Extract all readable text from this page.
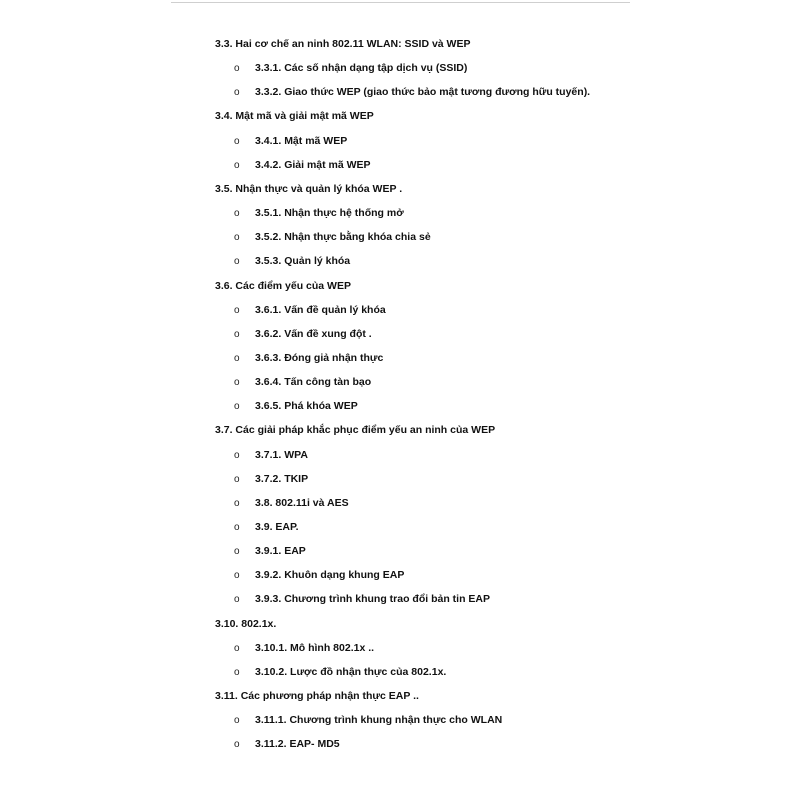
3.3. Hai cơ chế an ninh 802.11 WLAN: SSID và WEP
o 3.3.1. Các số nhận dạng tập dịch vụ (SSID)
o 3.3.2. Giao thức WEP (giao thức bảo mật tương đương hữu tuyến).
3.4. Mật mã và giải mật mã WEP
o 3.4.1. Mật mã WEP
o 3.4.2. Giải mật mã WEP
3.5. Nhận thực và quản lý khóa WEP .
o 3.5.1. Nhận thực hệ thống mở
o 3.5.2. Nhận thực bằng khóa chia sẻ
o 3.5.3. Quản lý khóa
3.6. Các điểm yếu của WEP
o 3.6.1. Vấn đề quản lý khóa
o 3.6.2. Vấn đề xung đột .
o 3.6.3. Đóng giả nhận thực
o 3.6.4. Tấn công tàn bạo
o 3.6.5. Phá khóa WEP
3.7. Các giải pháp khắc phục điểm yếu an ninh của WEP
o 3.7.1. WPA
o 3.7.2. TKIP
o 3.8. 802.11i và AES
o 3.9. EAP.
o 3.9.1. EAP
o 3.9.2. Khuôn dạng khung EAP
o 3.9.3. Chương trình khung trao đổi bản tin EAP
3.10. 802.1x.
o 3.10.1. Mô hình 802.1x ..
o 3.10.2. Lược đồ nhận thực của 802.1x.
3.11. Các phương pháp nhận thực EAP ..
o 3.11.1. Chương trình khung nhận thực cho WLAN
o 3.11.2. EAP- MD5
